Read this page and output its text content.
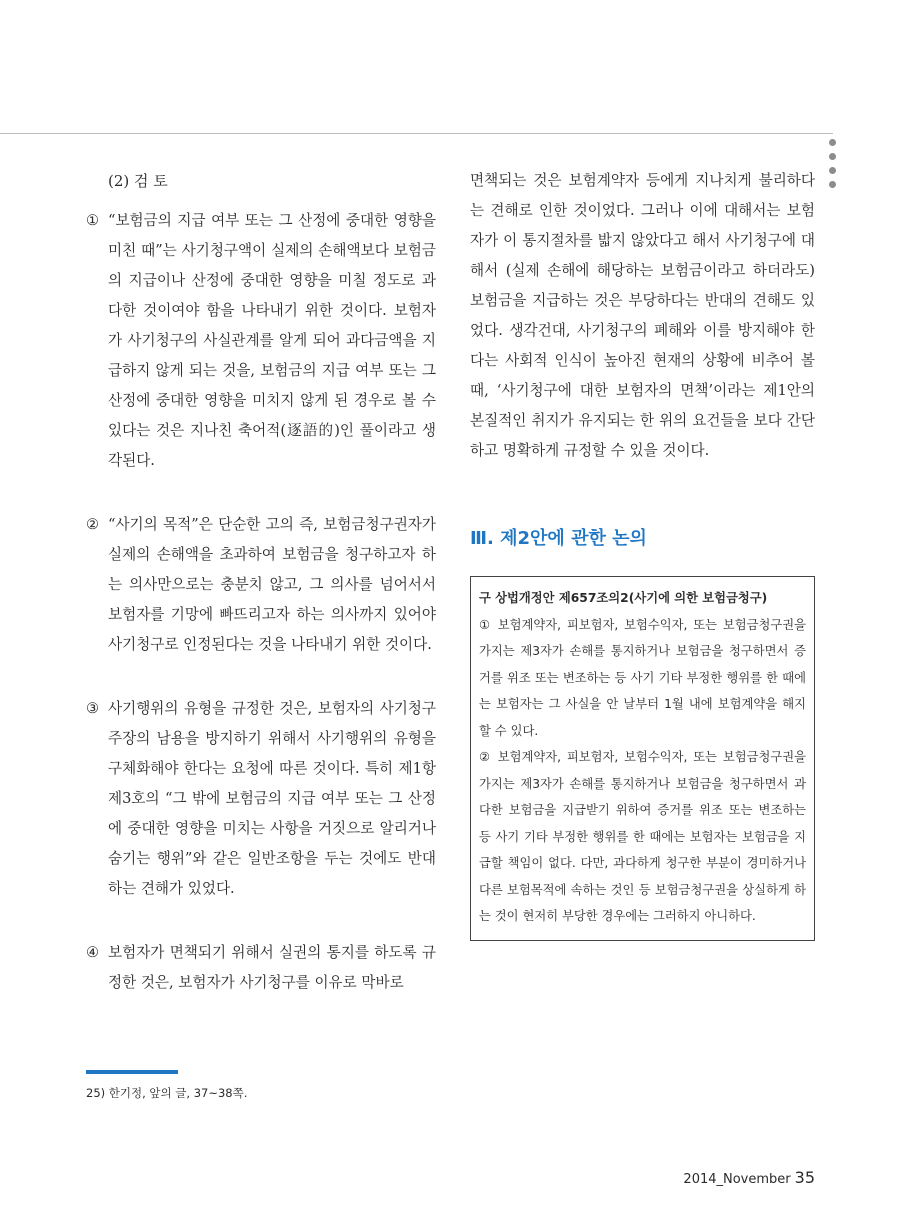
(2) 검 토

① “보험금의 지급 여부 또는 그 산정에 중대한 영향을 미친 때”는 사기청구액이 실제의 손해액보다 보험금의 지급이나 산정에 중대한 영향을 미칠 정도로 과다한 것이여야 함을 나타내기 위한 것이다. 보험자가 사기청구의 사실관계를 알게 되어 과다금액을 지급하지 않게 되는 것을, 보험금의 지급 여부 또는 그 산정에 중대한 영향을 미치지 않게 된 경우로 볼 수 있다는 것은 지나친 축어적(逐語的)인 풀이라고 생각된다.
② “사기의 목적”은 단순한 고의 즉, 보험금청구권자가 실제의 손해액을 초과하여 보험금을 청구하고자 하는 의사만으로는 충분치 않고, 그 의사를 넘어서서 보험자를 기망에 빠뜨리고자 하는 의사까지 있어야 사기청구로 인정된다는 것을 나타내기 위한 것이다.
③ 사기행위의 유형을 규정한 것은, 보험자의 사기청구 주장의 남용을 방지하기 위해서 사기행위의 유형을 구체화해야 한다는 요청에 따른 것이다. 특히 제1항 제3호의 “그 밖에 보험금의 지급 여부 또는 그 산정에 중대한 영향을 미치는 사항을 거짓으로 알리거나 숨기는 행위”와 같은 일반조항을 두는 것에도 반대하는 견해가 있었다.
④ 보험자가 면책되기 위해서 실권의 통지를 하도록 규정한 것은, 보험자가 사기청구를 이유로 막바로

면책되는 것은 보험계약자 등에게 지나치게 불리하다는 견해로 인한 것이었다. 그러나 이에 대해서는 보험자가 이 통지절차를 밟지 않았다고 해서 사기청구에 대해서 (실제 손해에 해당하는 보험금이라고 하더라도) 보험금을 지급하는 것은 부당하다는 반대의 견해도 있었다. 생각건대, 사기청구의 폐해와 이를 방지해야 한다는 사회적 인식이 높아진 현재의 상황에 비추어 볼 때, ‘사기청구에 대한 보험자의 면책’이라는 제1안의 본질적인 취지가 유지되는 한 위의 요건들을 보다 간단하고 명확하게 규정할 수 있을 것이다.

Ⅲ. 제2안에 관한 논의
구 상법개정안 제657조의2(사기에 의한 보험금청구)
① 보험계약자, 피보험자, 보험수익자, 또는 보험금청구권을 가지는 제3자가 손해를 통지하거나 보험금을 청구하면서 증거를 위조 또는 변조하는 등 사기 기타 부정한 행위를 한 때에는 보험자는 그 사실을 안 날부터 1월 내에 보험계약을 해지할 수 있다.
② 보험계약자, 피보험자, 보험수익자, 또는 보험금청구권을 가지는 제3자가 손해를 통지하거나 보험금을 청구하면서 과다한 보험금을 지급받기 위하여 증거를 위조 또는 변조하는 등 사기 기타 부정한 행위를 한 때에는 보험자는 보험금을 지급할 책임이 없다. 다만, 과다하게 청구한 부분이 경미하거나 다른 보험목적에 속하는 것인 등 보험금청구권을 상실하게 하는 것이 현저히 부당한 경우에는 그러하지 아니하다.
25) 한기정, 앞의 글, 37~38쪽.
2014_November 35
